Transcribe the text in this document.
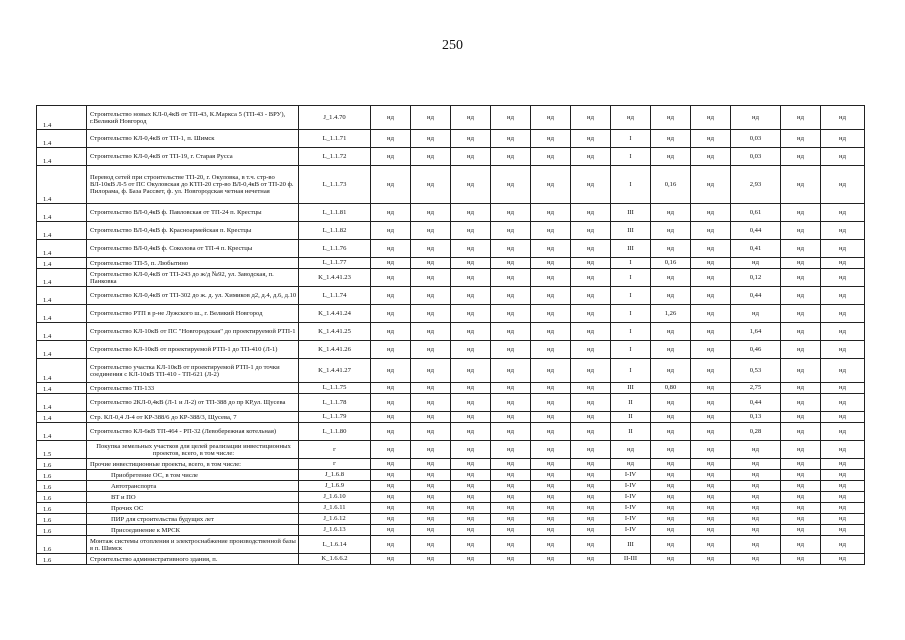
250
1.4	Строительство новых КЛ-0,4кВ от ТП-43, К.Маркса 5 (ТП-43 - ВРУ), г.Великий Новгород	J_1.4.70	нд	нд	нд	нд	нд	нд	нд	нд	нд	нд	нд	нд
1.4	Строительство КЛ-0,4кВ от ТП-1, п. Шимск	L_1.1.71	нд	нд	нд	нд	нд	нд	I	нд	нд	0,03	нд	нд
1.4	Строительство КЛ-0,4кВ от ТП-19, г. Старая Русса	L_1.1.72	нд	нд	нд	нд	нд	нд	I	нд	нд	0,03	нд	нд
1.4	Перевод сетей при строительстве ТП-20, г. Окуловка, в т.ч. стр-во ВЛ-10кВ Л-5 от ПС Окуловская до КТП-20 стр-во ВЛ-0,4кВ от ТП-20 ф. Пилорама, ф. База Рассвет, ф. ул. Новгородская четная нечетная	L_1.1.73	нд	нд	нд	нд	нд	нд	I	0,16	нд	2,93	нд	нд
1.4	Строительство ВЛ-0,4кВ ф. Павловская от ТП-24 п. Крестцы	L_1.1.81	нд	нд	нд	нд	нд	нд	III	нд	нд	0,61	нд	нд
1.4	Строительство ВЛ-0,4кВ ф. Красноармейская п. Крестцы	L_1.1.82	нд	нд	нд	нд	нд	нд	III	нд	нд	0,44	нд	нд
1.4	Строительство ВЛ-0,4кВ ф. Соколова от ТП-4 п. Крестцы	L_1.1.76	нд	нд	нд	нд	нд	нд	III	нд	нд	0,41	нд	нд
1.4	Строительство ТП-5, п. Любытино	L_1.1.77	нд	нд	нд	нд	нд	нд	I	0,16	нд	нд	нд	нд
1.4	Строительство КЛ-0,4кВ от ТП-243 до ж/д №92, ул. Заводская, п. Панковка	K_1.4.41.23	нд	нд	нд	нд	нд	нд	I	нд	нд	0,12	нд	нд
1.4	Строительство КЛ-0,4кВ от ТП-302 до ж. д. ул. Химиков д2, д.4, д.6, д.10	L_1.1.74	нд	нд	нд	нд	нд	нд	I	нд	нд	0,44	нд	нд
1.4	Строительство РТП в р-не Лужского ш., г. Великий Новгород	K_1.4.41.24	нд	нд	нд	нд	нд	нд	I	1,26	нд	нд	нд	нд
1.4	Строительство КЛ-10кВ от ПС "Новгородская" до проектируемой РТП-1	K_1.4.41.25	нд	нд	нд	нд	нд	нд	I	нд	нд	1,64	нд	нд
1.4	Строительство КЛ-10кВ от проектируемой РТП-1 до ТП-410 (Л-1)	K_1.4.41.26	нд	нд	нд	нд	нд	нд	I	нд	нд	0,46	нд	нд
1.4	Строительство участка КЛ-10кВ от проектируемой РТП-1 до точки соединения с КЛ-10кВ ТП-410 - ТП-621 (Л-2)	K_1.4.41.27	нд	нд	нд	нд	нд	нд	I	нд	нд	0,53	нд	нд
1.4	Строительство ТП-133	L_1.1.75	нд	нд	нд	нд	нд	нд	III	0,80	нд	2,75	нд	нд
1.4	Строительство 2КЛ-0,4кВ (Л-1 и Л-2) от ТП-388 до пр КР,ул. Щусева	L_1.1.78	нд	нд	нд	нд	нд	нд	II	нд	нд	0,44	нд	нд
1.4	Стр. КЛ-0,4 Л-4 от КР-388/6 до КР-388/3, Щусева, 7	L_1.1.79	нд	нд	нд	нд	нд	нд	II	нд	нд	0,13	нд	нд
1.4	Строительство КЛ-6кВ ТП-464 - РП-32 (Левобережная котельная)	L_1.1.80	нд	нд	нд	нд	нд	нд	II	нд	нд	0,28	нд	нд
1.5	Покупка земельных участков для целей реализации инвестиционных проектов, всего, в том числе:	г	нд	нд	нд	нд	нд	нд	нд	нд	нд	нд	нд	нд
1.6	Прочие инвестиционные проекты, всего, в том числе:	г	нд	нд	нд	нд	нд	нд	нд	нд	нд	нд	нд	нд
1.6	Приобретение ОС, в том числе	J_1.6.8	нд	нд	нд	нд	нд	нд	I-IV	нд	нд	нд	нд	нд
1.6	Автотранспорта	J_1.6.9	нд	нд	нд	нд	нд	нд	I-IV	нд	нд	нд	нд	нд
1.6	ВТ и ПО	J_1.6.10	нд	нд	нд	нд	нд	нд	I-IV	нд	нд	нд	нд	нд
1.6	Прочих ОС	J_1.6.11	нд	нд	нд	нд	нд	нд	I-IV	нд	нд	нд	нд	нд
1.6	ПИР для строительства будущих лет	J_1.6.12	нд	нд	нд	нд	нд	нд	I-IV	нд	нд	нд	нд	нд
1.6	Присоединение к МРСК	J_1.6.13	нд	нд	нд	нд	нд	нд	I-IV	нд	нд	нд	нд	нд
1.6	Монтаж системы отопления и электроснабжение производственной базы в п. Шимск	L_1.6.14	нд	нд	нд	нд	нд	нд	III	нд	нд	нд	нд	нд
1.6	Строительство административного здания, п.	K_1.6.6.2	нд	нд	нд	нд	нд	нд	II-III	нд	нд	нд	нд	нд
